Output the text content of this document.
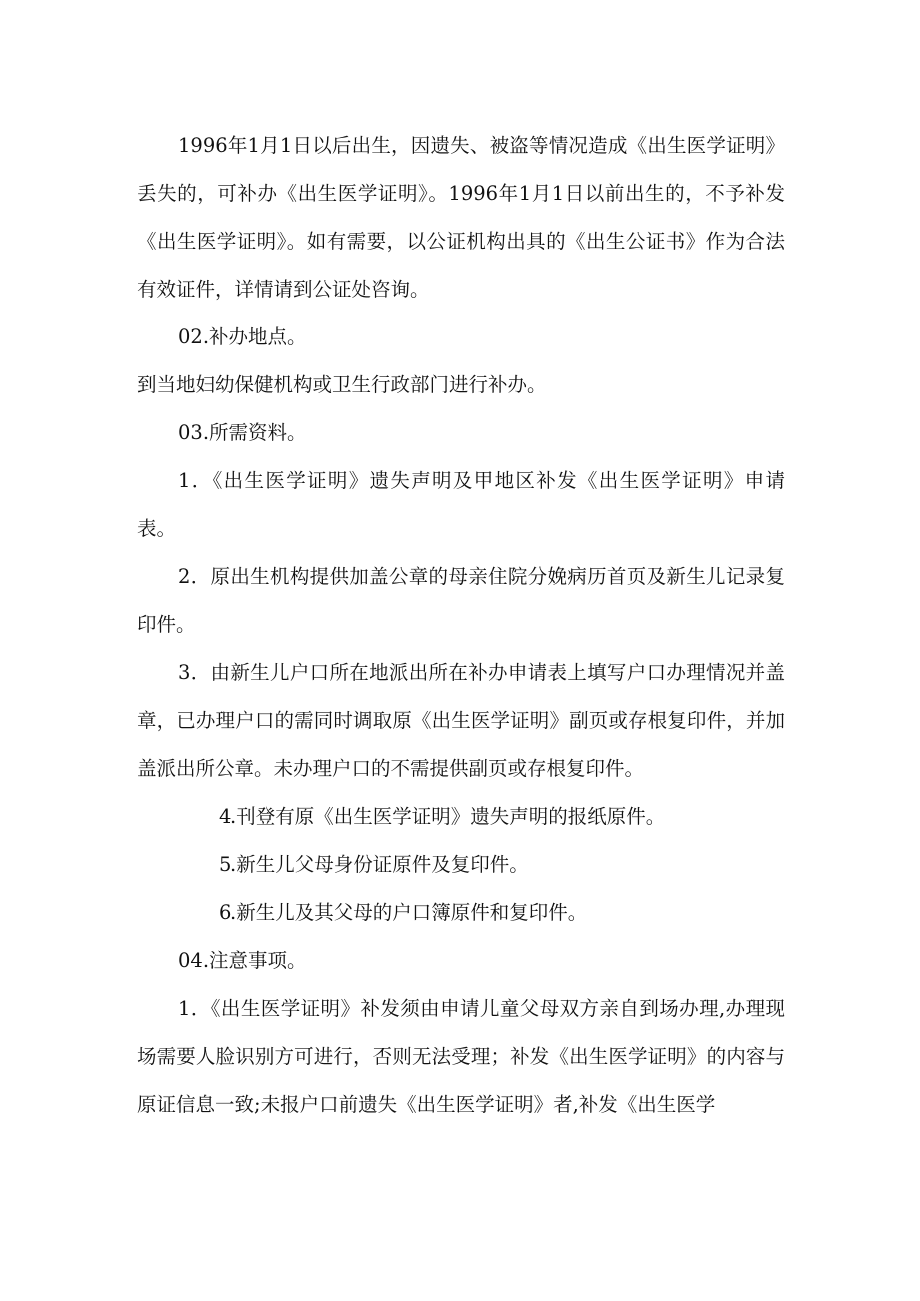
1996年1月1日以后出生，因遗失、被盗等情况造成《出生医学证明》丢失的，可补办《出生医学证明》。1996年1月1日以前出生的，不予补发《出生医学证明》。如有需要，以公证机构出具的《出生公证书》作为合法有效证件，详情请到公证处咨询。

02.补办地点。

到当地妇幼保健机构或卫生行政部门进行补办。

03.所需资料。

1．《出生医学证明》遗失声明及甲地区补发《出生医学证明》申请表。

2．原出生机构提供加盖公章的母亲住院分娩病历首页及新生儿记录复印件。

3．由新生儿户口所在地派出所在补办申请表上填写户口办理情况并盖章，已办理户口的需同时调取原《出生医学证明》副页或存根复印件，并加盖派出所公章。未办理户口的不需提供副页或存根复印件。

4.刊登有原《出生医学证明》遗失声明的报纸原件。

5.新生儿父母身份证原件及复印件。

6.新生儿及其父母的户口簿原件和复印件。

04.注意事项。

1．《出生医学证明》补发须由申请儿童父母双方亲自到场办理,办理现场需要人脸识别方可进行，否则无法受理；补发《出生医学证明》的内容与原证信息一致;未报户口前遗失《出生医学证明》者,补发《出生医学
